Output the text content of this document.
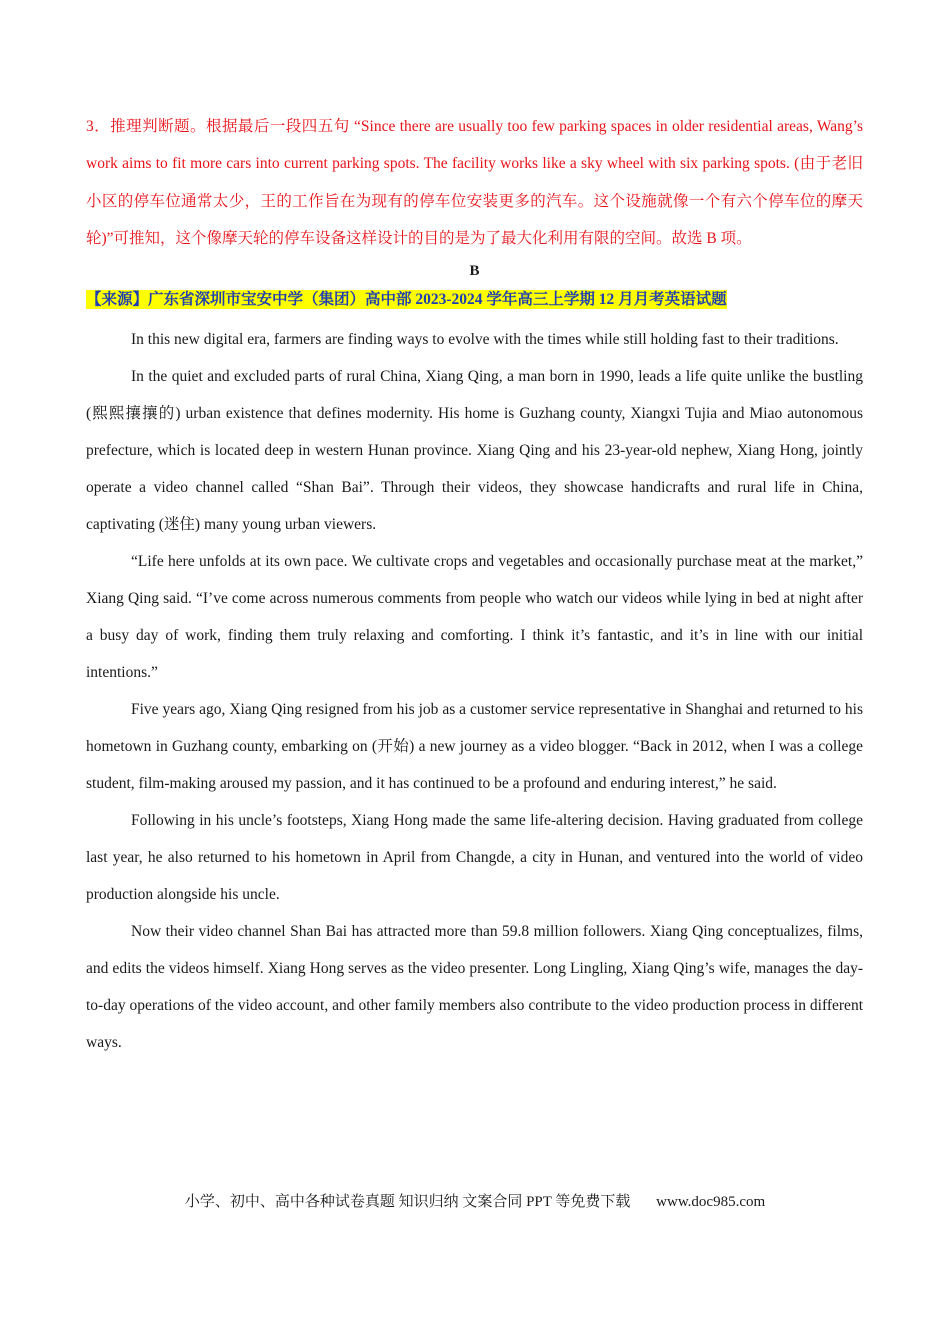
3．推理判断题。根据最后一段四五句 “Since there are usually too few parking spaces in older residential areas, Wang’s work aims to fit more cars into current parking spots. The facility works like a sky wheel with six parking spots. (由于老旧小区的停车位通常太少，王的工作旨在为现有的停车位安装更多的汽车。这个设施就像一个有六个停车位的摩天轮)”可推知，这个像摩天轮的停车设备这样设计的目的是为了最大化利用有限的空间。故选 B 项。

B

【来源】广东省深圳市宝安中学（集团）高中部 2023-2024 学年高三上学期 12 月月考英语试题

In this new digital era, farmers are finding ways to evolve with the times while still holding fast to their traditions.

In the quiet and excluded parts of rural China, Xiang Qing, a man born in 1990, leads a life quite unlike the bustling (熙熙攘攘的) urban existence that defines modernity. His home is Guzhang county, Xiangxi Tujia and Miao autonomous prefecture, which is located deep in western Hunan province. Xiang Qing and his 23-year-old nephew, Xiang Hong, jointly operate a video channel called “Shan Bai”. Through their videos, they showcase handicrafts and rural life in China, captivating (迷住) many young urban viewers.

“Life here unfolds at its own pace. We cultivate crops and vegetables and occasionally purchase meat at the market,” Xiang Qing said. “I’ve come across numerous comments from people who watch our videos while lying in bed at night after a busy day of work, finding them truly relaxing and comforting. I think it’s fantastic, and it’s in line with our initial intentions.”

Five years ago, Xiang Qing resigned from his job as a customer service representative in Shanghai and returned to his hometown in Guzhang county, embarking on (开始) a new journey as a video blogger. “Back in 2012, when I was a college student, film-making aroused my passion, and it has continued to be a profound and enduring interest,” he said.

Following in his uncle’s footsteps, Xiang Hong made the same life-altering decision. Having graduated from college last year, he also returned to his hometown in April from Changde, a city in Hunan, and ventured into the world of video production alongside his uncle.

Now their video channel Shan Bai has attracted more than 59.8 million followers. Xiang Qing conceptualizes, films, and edits the videos himself. Xiang Hong serves as the video presenter. Long Lingling, Xiang Qing’s wife, manages the day-to-day operations of the video account, and other family members also contribute to the video production process in different ways.

小学、初中、高中各种试卷真题 知识归纳 文案合同 PPT 等免费下载 www.doc985.com
